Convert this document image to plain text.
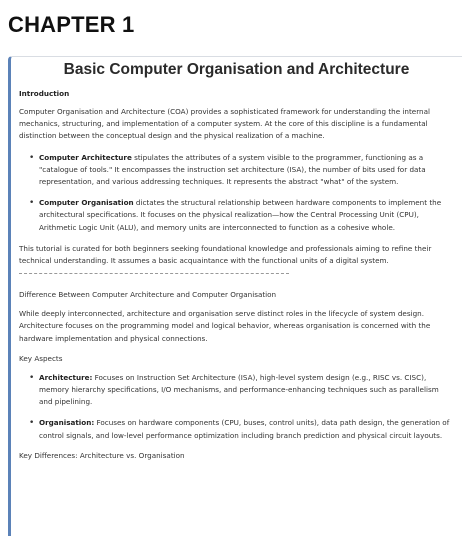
CHAPTER 1
Basic Computer Organisation and Architecture
Introduction

Computer Organisation and Architecture (COA) provides a sophisticated framework for understanding the internal mechanics, structuring, and implementation of a computer system. At the core of this discipline is a fundamental distinction between the conceptual design and the physical realization of a machine.

• Computer Architecture stipulates the attributes of a system visible to the programmer, functioning as a "catalogue of tools." It encompasses the instruction set architecture (ISA), the number of bits used for data representation, and various addressing techniques. It represents the abstract "what" of the system.
• Computer Organisation dictates the structural relationship between hardware components to implement the architectural specifications. It focuses on the physical realization—how the Central Processing Unit (CPU), Arithmetic Logic Unit (ALU), and memory units are interconnected to function as a cohesive whole.

This tutorial is curated for both beginners seeking foundational knowledge and professionals aiming to refine their technical understanding. It assumes a basic acquaintance with the functional units of a digital system.

Difference Between Computer Architecture and Computer Organisation

While deeply interconnected, architecture and organisation serve distinct roles in the lifecycle of system design. Architecture focuses on the programming model and logical behavior, whereas organisation is concerned with the hardware implementation and physical connections.

Key Aspects
• Architecture: Focuses on Instruction Set Architecture (ISA), high-level system design (e.g., RISC vs. CISC), memory hierarchy specifications, I/O mechanisms, and performance-enhancing techniques such as parallelism and pipelining.
• Organisation: Focuses on hardware components (CPU, buses, control units), data path design, the generation of control signals, and low-level performance optimization including branch prediction and physical circuit layouts.
Key Differences: Architecture vs. Organisation
